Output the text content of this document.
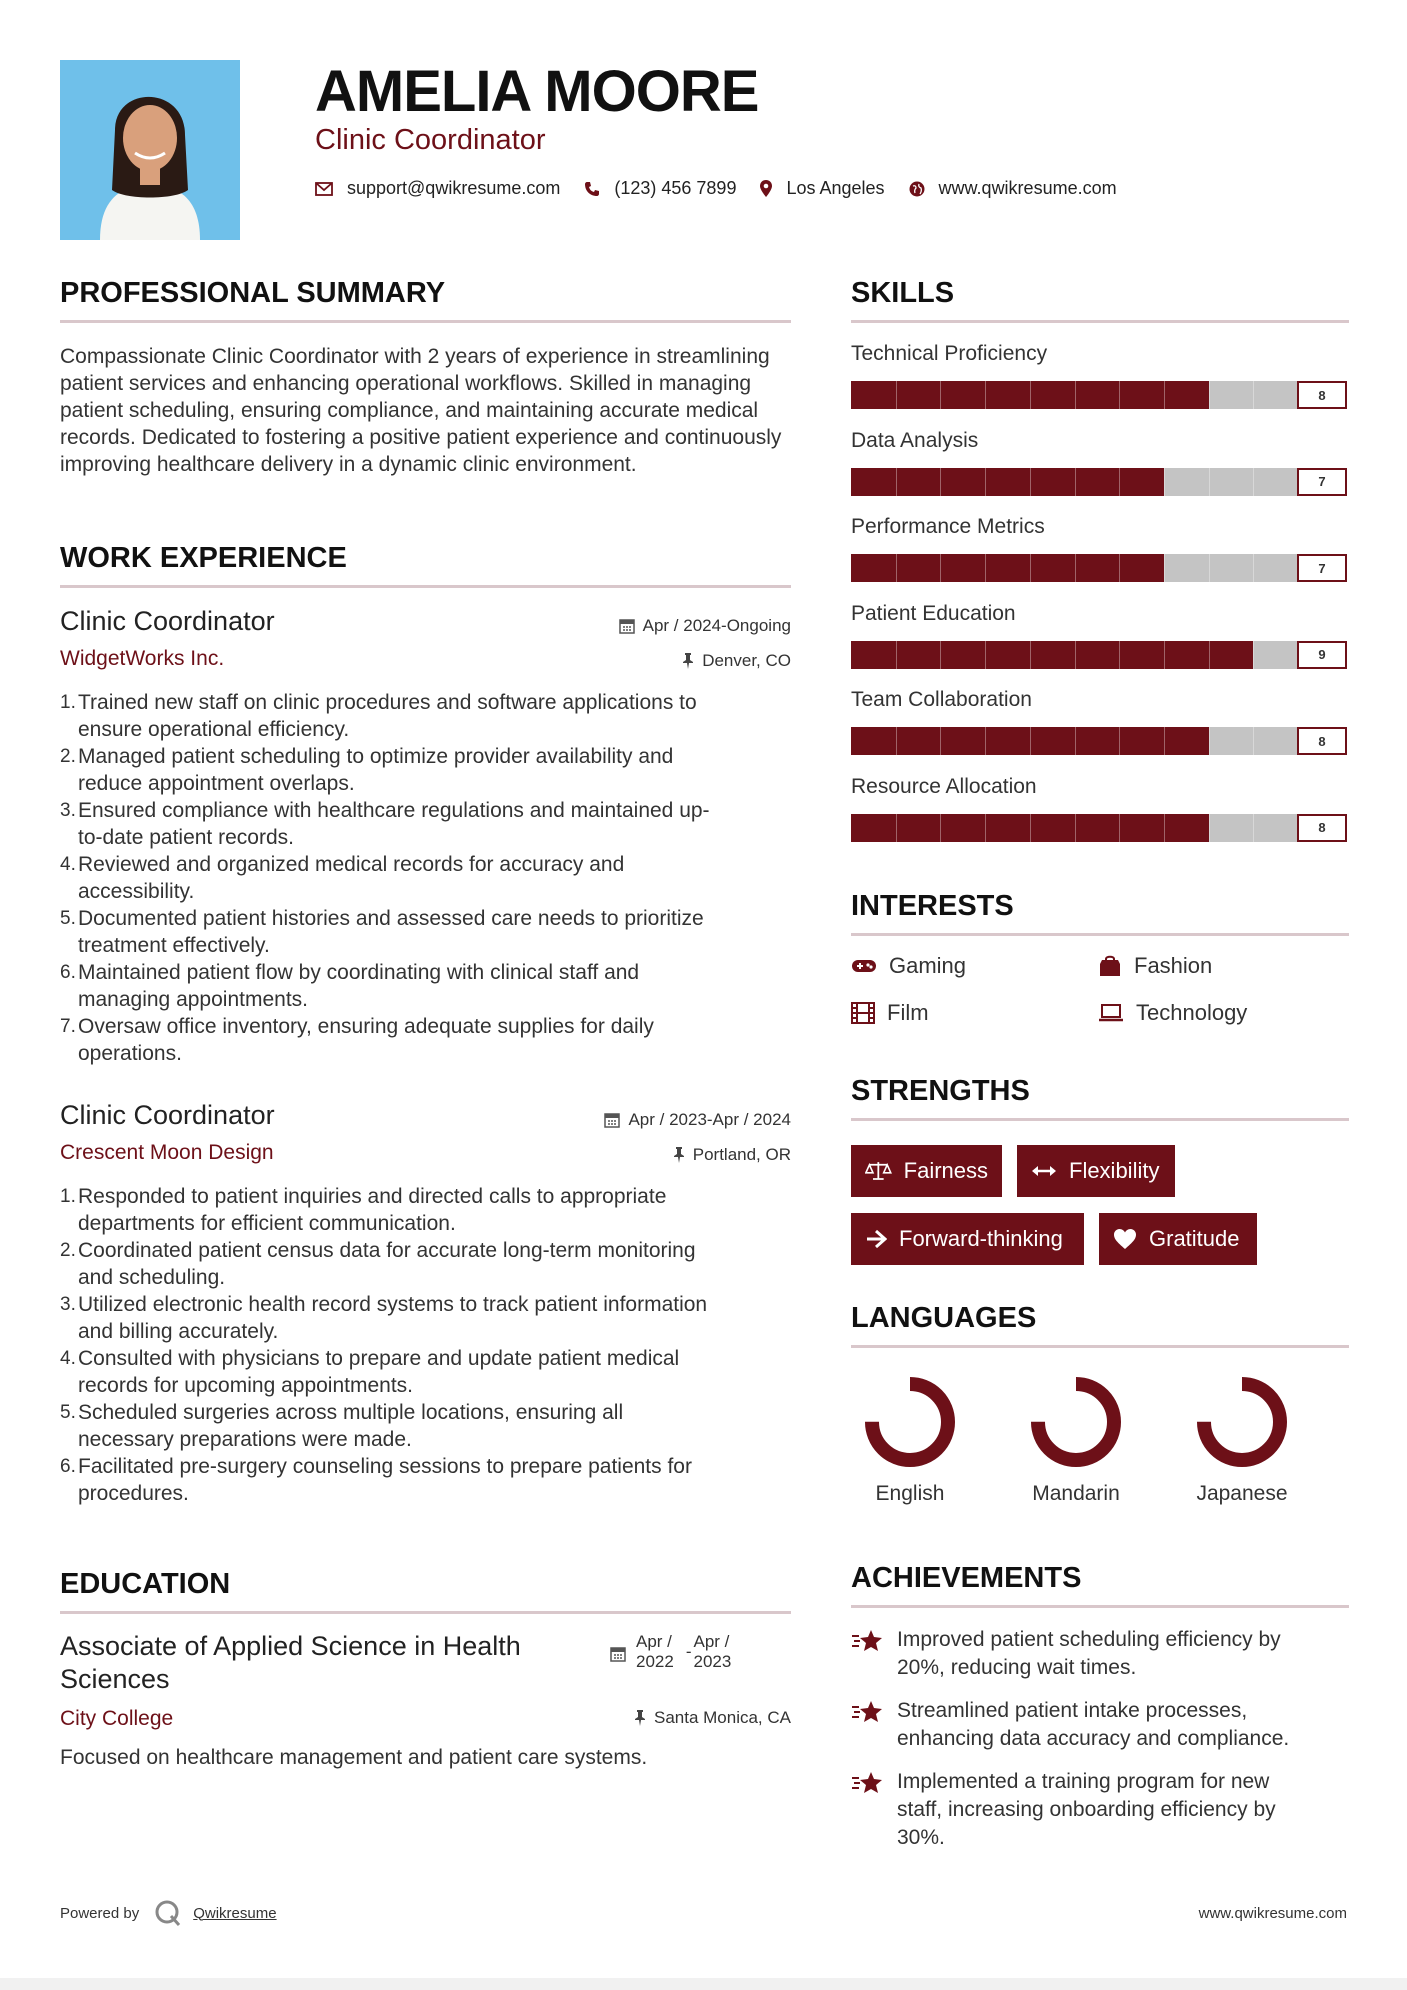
AMELIA MOORE
Clinic Coordinator
support@qwikresume.com	(123) 456 7899	Los Angeles	www.qwikresume.com
PROFESSIONAL SUMMARY
Compassionate Clinic Coordinator with 2 years of experience in streamlining patient services and enhancing operational workflows. Skilled in managing patient scheduling, ensuring compliance, and maintaining accurate medical records. Dedicated to fostering a positive patient experience and continuously improving healthcare delivery in a dynamic clinic environment.
WORK EXPERIENCE
Clinic Coordinator	Apr / 2024-Ongoing
WidgetWorks Inc.	Denver, CO
1. Trained new staff on clinic procedures and software applications to
ensure operational efficiency.
2. Managed patient scheduling to optimize provider availability and
reduce appointment overlaps.
3. Ensured compliance with healthcare regulations and maintained up-
to-date patient records.
4. Reviewed and organized medical records for accuracy and
accessibility.
5. Documented patient histories and assessed care needs to prioritize
treatment effectively.
6. Maintained patient flow by coordinating with clinical staff and
managing appointments.
7. Oversaw office inventory, ensuring adequate supplies for daily
operations.
Clinic Coordinator	Apr / 2023-Apr / 2024
Crescent Moon Design	Portland, OR
1. Responded to patient inquiries and directed calls to appropriate
departments for efficient communication.
2. Coordinated patient census data for accurate long-term monitoring
and scheduling.
3. Utilized electronic health record systems to track patient information
and billing accurately.
4. Consulted with physicians to prepare and update patient medical
records for upcoming appointments.
5. Scheduled surgeries across multiple locations, ensuring all
necessary preparations were made.
6. Facilitated pre-surgery counseling sessions to prepare patients for
procedures.
EDUCATION
Associate of Applied Science in Health Sciences
Apr /
2022
-
Apr /
2023
City College	Santa Monica, CA
Focused on healthcare management and patient care systems.
SKILLS
Technical Proficiency
8
Data Analysis
7
Performance Metrics
7
Patient Education
9
Team Collaboration
8
Resource Allocation
8
INTERESTS
Gaming	Fashion
Film	Technology
STRENGTHS
Fairness	Flexibility
Forward-thinking	Gratitude
LANGUAGES
English	Mandarin	Japanese
ACHIEVEMENTS
Improved patient scheduling efficiency by
20%, reducing wait times.
Streamlined patient intake processes,
enhancing data accuracy and compliance.
Implemented a training program for new
staff, increasing onboarding efficiency by
30%.
Powered by	Qwikresume	www.qwikresume.com
